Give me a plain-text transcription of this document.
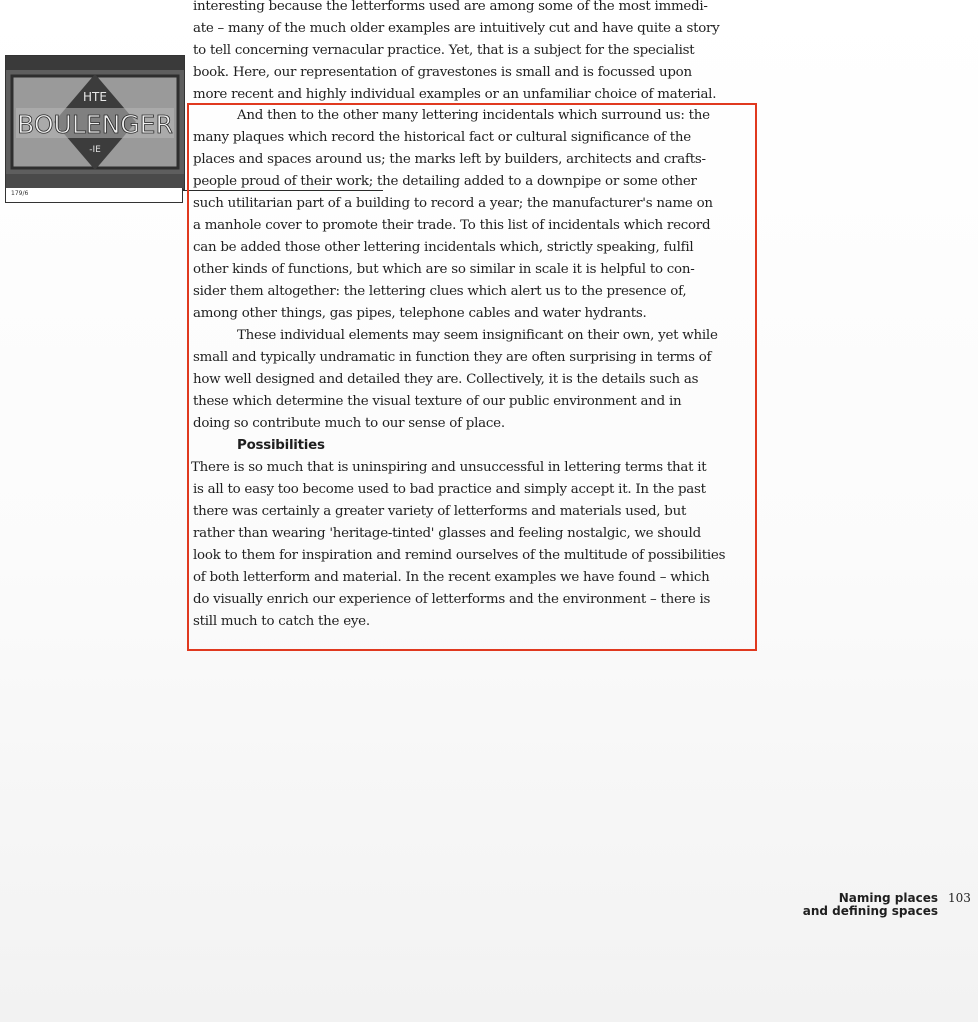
HTE
BOULENGER
-IE
179/6
interesting because the letterforms used are among some of the most immedi-
ate – many of the much older examples are intuitively cut and have quite a story
to tell concerning vernacular practice. Yet, that is a subject for the specialist
book. Here, our representation of gravestones is small and is focussed upon
more recent and highly individual examples or an unfamiliar choice of material.
And then to the other many lettering incidentals which surround us: the
many plaques which record the historical fact or cultural significance of the
places and spaces around us; the marks left by builders, architects and crafts-
people proud of their work; the detailing added to a downpipe or some other
such utilitarian part of a building to record a year; the manufacturer's name on
a manhole cover to promote their trade. To this list of incidentals which record
can be added those other lettering incidentals which, strictly speaking, fulfil
other kinds of functions, but which are so similar in scale it is helpful to con-
sider them altogether: the lettering clues which alert us to the presence of,
among other things, gas pipes, telephone cables and water hydrants.
These individual elements may seem insignificant on their own, yet while
small and typically undramatic in function they are often surprising in terms of
how well designed and detailed they are. Collectively, it is the details such as
these which determine the visual texture of our public environment and in
doing so contribute much to our sense of place.
Possibilities
There is so much that is uninspiring and unsuccessful in lettering terms that it
is all to easy too become used to bad practice and simply accept it. In the past
there was certainly a greater variety of letterforms and materials used, but
rather than wearing 'heritage-tinted' glasses and feeling nostalgic, we should
look to them for inspiration and remind ourselves of the multitude of possibilities
of both letterform and material. In the recent examples we have found – which
do visually enrich our experience of letterforms and the environment – there is
still much to catch the eye.
Naming places
and defining spaces
103
